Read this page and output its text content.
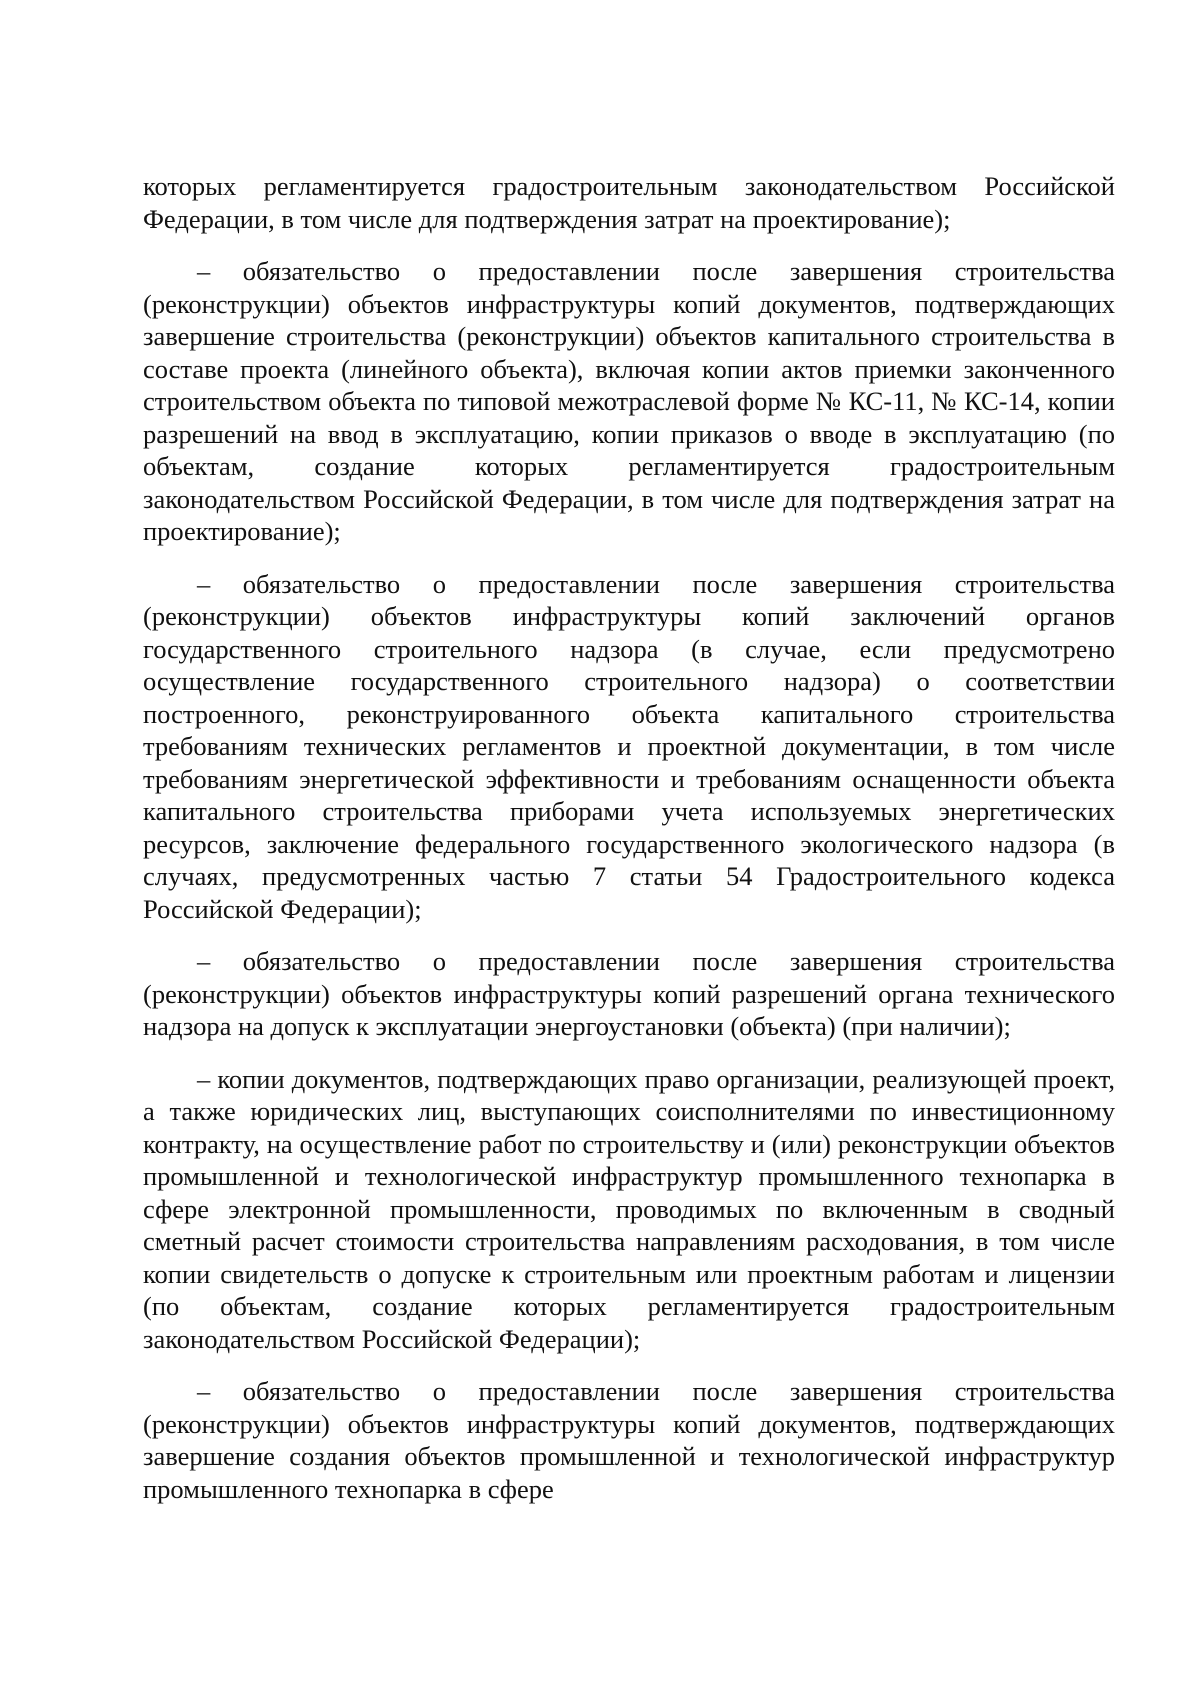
которых регламентируется градостроительным законодательством Российской Федерации, в том числе для подтверждения затрат на проектирование);

– обязательство о предоставлении после завершения строительства (реконструкции) объектов инфраструктуры копий документов, подтверждающих завершение строительства (реконструкции) объектов капитального строительства в составе проекта (линейного объекта), включая копии актов приемки законченного строительством объекта по типовой межотраслевой форме № КС-11, № КС-14, копии разрешений на ввод в эксплуатацию, копии приказов о вводе в эксплуатацию (по объектам, создание которых регламентируется градостроительным законодательством Российской Федерации, в том числе для подтверждения затрат на проектирование);

– обязательство о предоставлении после завершения строительства (реконструкции) объектов инфраструктуры копий заключений органов государственного строительного надзора (в случае, если предусмотрено осуществление государственного строительного надзора) о соответствии построенного, реконструированного объекта капитального строительства требованиям технических регламентов и проектной документации, в том числе требованиям энергетической эффективности и требованиям оснащенности объекта капитального строительства приборами учета используемых энергетических ресурсов, заключение федерального государственного экологического надзора (в случаях, предусмотренных частью 7 статьи 54 Градостроительного кодекса Российской Федерации);

– обязательство о предоставлении после завершения строительства (реконструкции) объектов инфраструктуры копий разрешений органа технического надзора на допуск к эксплуатации энергоустановки (объекта) (при наличии);

– копии документов, подтверждающих право организации, реализующей проект, а также юридических лиц, выступающих соисполнителями по инвестиционному контракту, на осуществление работ по строительству и (или) реконструкции объектов промышленной и технологической инфраструктур промышленного технопарка в сфере электронной промышленности, проводимых по включенным в сводный сметный расчет стоимости строительства направлениям расходования, в том числе копии свидетельств о допуске к строительным или проектным работам и лицензии (по объектам, создание которых регламентируется градостроительным законодательством Российской Федерации);

– обязательство о предоставлении после завершения строительства (реконструкции) объектов инфраструктуры копий документов, подтверждающих завершение создания объектов промышленной и технологической инфраструктур промышленного технопарка в сфере
